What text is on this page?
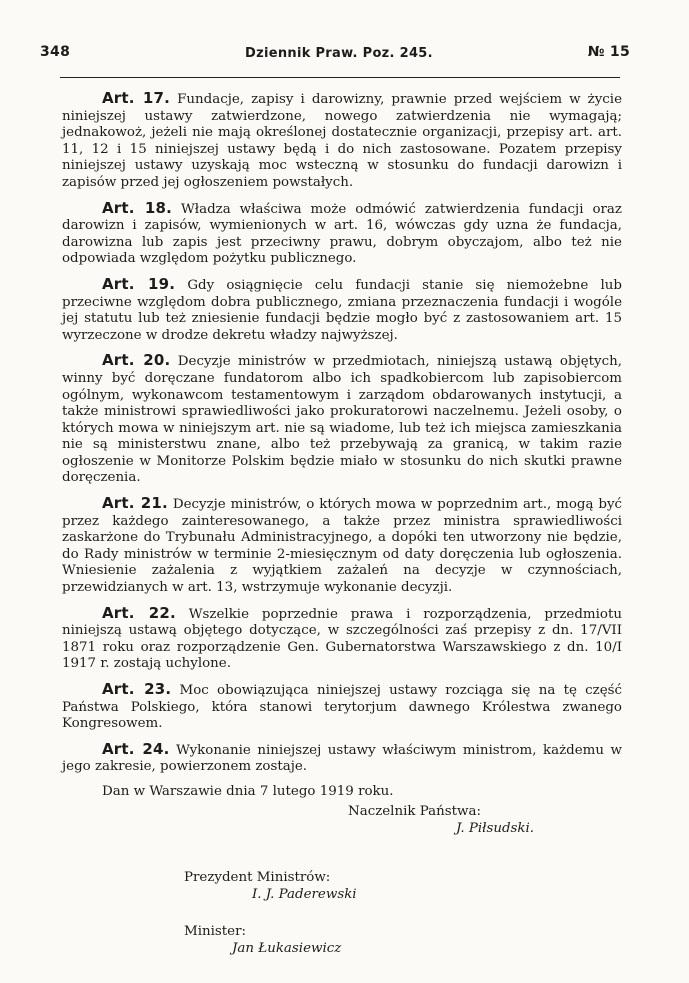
348	Dziennik Praw. Poz. 245.	№ 15

Art. 17. Fundacje, zapisy i darowizny, prawnie przed wejściem w życie niniejszej ustawy zatwierdzone, nowego zatwierdzenia nie wymagają; jednakowoż, jeżeli nie mają określonej dostatecznie organizacji, przepisy art. art. 11, 12 i 15 niniejszej ustawy będą i do nich zastosowane. Pozatem przepisy niniejszej ustawy uzyskają moc wsteczną w stosunku do fundacji darowizn i zapisów przed jej ogłoszeniem powstałych.

Art. 18. Władza właściwa może odmówić zatwierdzenia fundacji oraz darowizn i zapisów, wymienionych w art. 16, wówczas gdy uzna że fundacja, darowizna lub zapis jest przeciwny prawu, dobrym obyczajom, albo też nie odpowiada względom pożytku publicznego.

Art. 19. Gdy osiągnięcie celu fundacji stanie się niemożebne lub przeciwne względom dobra publicznego, zmiana przeznaczenia fundacji i wogóle jej statutu lub też zniesienie fundacji będzie mogło być z zastosowaniem art. 15 wyrzeczone w drodze dekretu władzy najwyższej.

Art. 20. Decyzje ministrów w przedmiotach, niniejszą ustawą objętych, winny być doręczane fundatorom albo ich spadkobiercom lub zapisobiercom ogólnym, wykonawcom testamentowym i zarządom obdarowanych instytucji, a także ministrowi sprawiedliwości jako prokuratorowi naczelnemu. Jeżeli osoby, o których mowa w niniejszym art. nie są wiadome, lub też ich miejsca zamieszkania nie są ministerstwu znane, albo też przebywają za granicą, w takim razie ogłoszenie w Monitorze Polskim będzie miało w stosunku do nich skutki prawne doręczenia.

Art. 21. Decyzje ministrów, o których mowa w poprzednim art., mogą być przez każdego zainteresowanego, a także przez ministra sprawiedliwości zaskarżone do Trybunału Administracyjnego, a dopóki ten utworzony nie będzie, do Rady ministrów w terminie 2-miesięcznym od daty doręczenia lub ogłoszenia. Wniesienie zażalenia z wyjątkiem zażaleń na decyzje w czynnościach, przewidzianych w art. 13, wstrzymuje wykonanie decyzji.

Art. 22. Wszelkie poprzednie prawa i rozporządzenia, przedmiotu niniejszą ustawą objętego dotyczące, w szczególności zaś przepisy z dn. 17/VII 1871 roku oraz rozporządzenie Gen. Gubernatorstwa Warszawskiego z dn. 10/I 1917 r. zostają uchylone.

Art. 23. Moc obowiązująca niniejszej ustawy rozciąga się na tę część Państwa Polskiego, która stanowi terytorjum dawnego Królestwa zwanego Kongresowem.

Art. 24. Wykonanie niniejszej ustawy właściwym ministrom, każdemu w jego zakresie, powierzonem zostaje.

Dan w Warszawie dnia 7 lutego 1919 roku.

Naczelnik Państwa:
J. Piłsudski.
Prezydent Ministrów:
I. J. Paderewski
Minister:
Jan Łukasiewicz
